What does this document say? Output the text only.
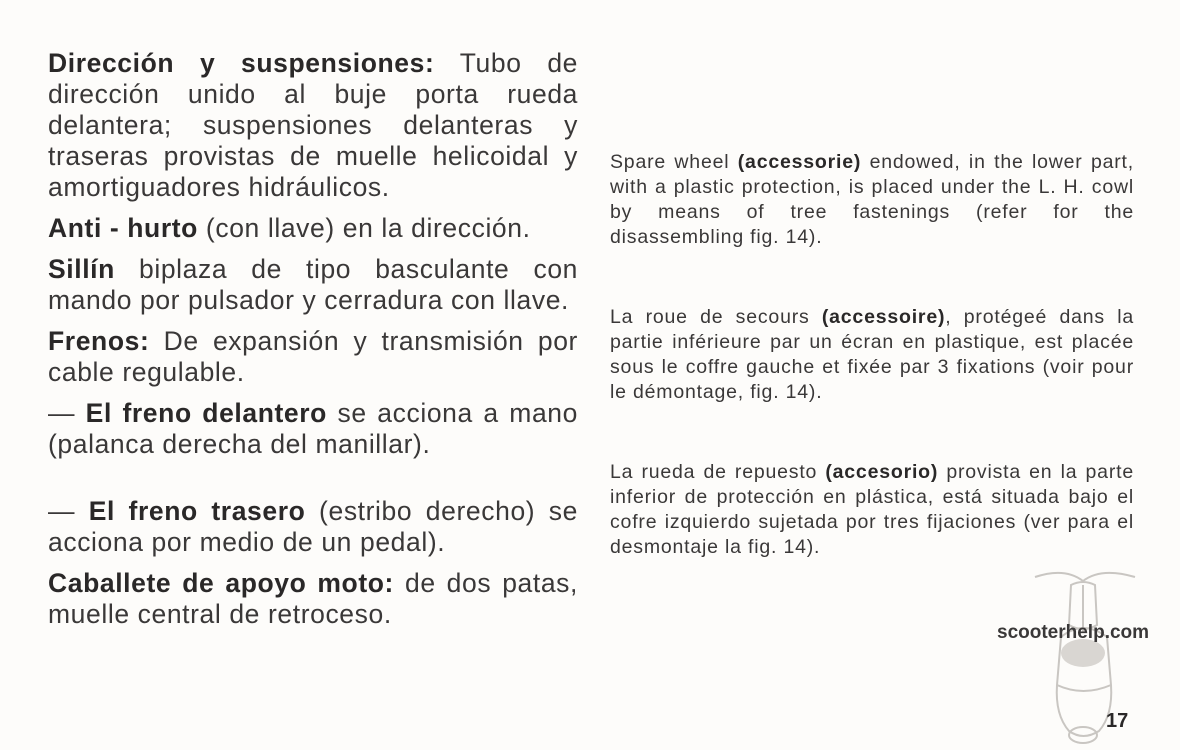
Dirección y suspensiones: Tubo de dirección unido al buje porta rueda delantera; suspensiones delanteras y traseras provistas de muelle helicoidal y amortiguadores hidráulicos.

Anti - hurto (con llave) en la dirección.

Sillín biplaza de tipo basculante con mando por pulsador y cerradura con llave.

Frenos: De expansión y transmisión por cable regulable.

— El freno delantero se acciona a mano (palanca derecha del manillar).

— El freno trasero (estribo derecho) se acciona por medio de un pedal).

Caballete de apoyo moto: de dos patas, muelle central de retroceso.

Spare wheel (accessorie) endowed, in the lower part, with a plastic protection, is placed under the L. H. cowl by means of tree fastenings (refer for the disassembling fig. 14).

La roue de secours (accessoire), protégeé dans la partie inférieure par un écran en plastique, est placée sous le coffre gauche et fixée par 3 fixations (voir pour le démontage, fig. 14).

La rueda de repuesto (accesorio) provista en la parte inferior de protección en plástica, está situada bajo el cofre izquierdo sujetada por tres fijaciones (ver para el desmontaje la fig. 14).

scooterhelp.com
17
